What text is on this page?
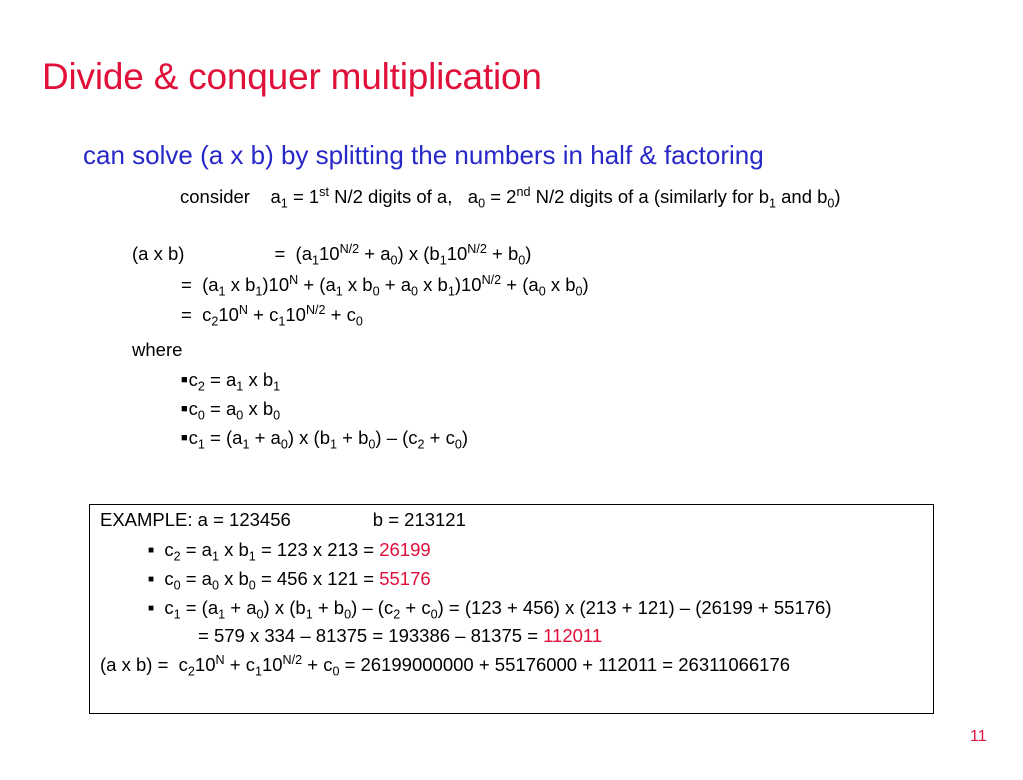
Divide & conquer multiplication
can solve (a x b) by splitting the numbers in half & factoring
consider $a_1 = 1st$ N/2 digits of a, $a_0 = 2nd$ N/2 digits of a (similarly for $b_1$ and $b_0$)
(a x b)	=  $(a_110^{N/2} + a_0)$ x $(b_110^{N/2} + b_0)$
=  ($a_1$ x $b_1)10^N + (a_1$ x $b_0 + a_0$ x $b_1)10^{N/2} + (a_0$ x $b_0$)
=  $c_210^N + c_110^{N/2} + c_0$
where
$■c_2 = a_1$ x $b_1$
$■c_0 = a_0$ x $b_0$
$■c_1 = (a_1 + a_0)$ x $(b_1 + b_0) - (c_2 + c_0)$
EXAMPLE: a = 123456	b = 213121
■ $c_2 = a_1$ x $b_1 = 123$ x 213 = 26199
■ $c_0 = a_0$ x $b_0 = 456$ x 121 = 55176
■ $c_1 = (a_1 + a_0)$ x $(b_1 + b_0) - (c_2 + c_0) = (123 + 456)$ x (213 + 121) – (26199 + 55176)
= 579 x 334 – 81375 = 193386 – 81375 = 112011
(a x $b) = c_210^N + c_110^{N/2} + c_0 = 26199000000 + 55176000 + 112011 = 26311066176$
11
